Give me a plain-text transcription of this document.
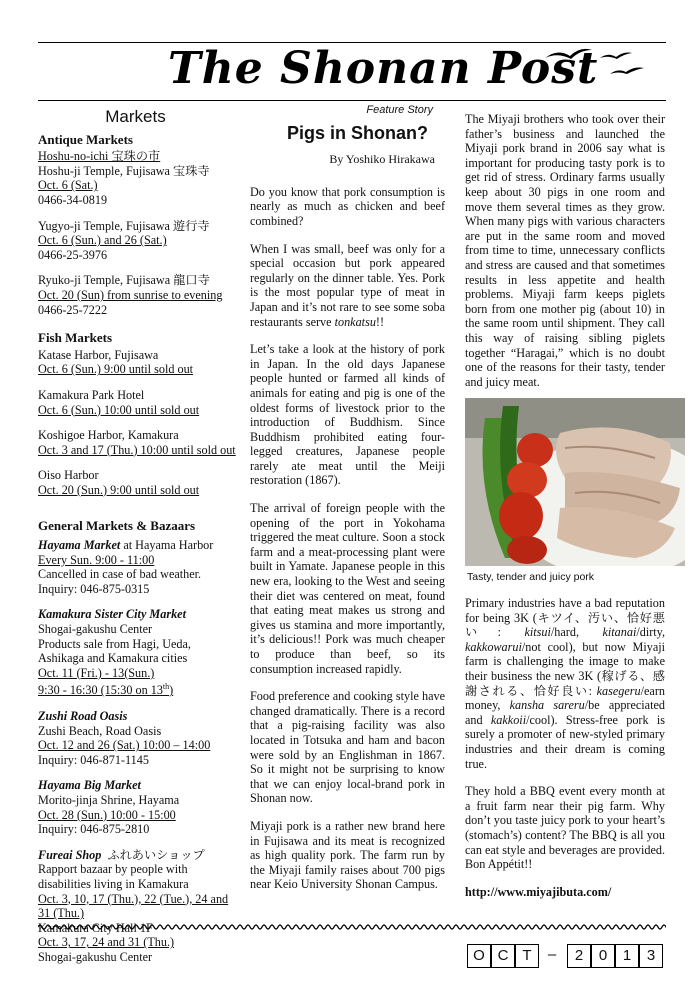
The Shonan Post
Markets
Antique Markets

Hoshu-no-ichi 宝珠の市

Hoshu-ji Temple, Fujisawa 宝珠寺

Oct. 6 (Sat.)

0466-34-0819

Yugyo-ji Temple, Fujisawa 遊行寺

Oct. 6 (Sun.) and 26 (Sat.)

0466-25-3976

Ryuko-ji Temple, Fujisawa 龍口寺

Oct. 20 (Sun) from sunrise to evening

0466-25-7222

Fish Markets

Katase Harbor, Fujisawa

Oct. 6 (Sun.) 9:00 until sold out

Kamakura Park Hotel

Oct. 6 (Sun.) 10:00 until sold out

Koshigoe Harbor, Kamakura

Oct. 3 and 17 (Thu.) 10:00 until sold out

Oiso Harbor

Oct. 20 (Sun.) 9:00 until sold out

General Markets & Bazaars

Hayama Market at Hayama Harbor

Every Sun. 9:00 - 11:00

Cancelled in case of bad weather.

Inquiry: 046-875-0315

Kamakura Sister City Market

Shogai-gakushu Center

Products sale from Hagi, Ueda, Ashikaga and Kamakura cities

Oct. 11 (Fri.) - 13(Sun.)

9:30 - 16:30 (15:30 on 13th)

Zushi Road Oasis

Zushi Beach, Road Oasis

Oct. 12 and 26 (Sat.) 10:00 – 14:00

Inquiry: 046-871-1145

Hayama Big Market

Morito-jinja Shrine, Hayama

Oct. 28 (Sun.) 10:00 - 15:00

Inquiry: 046-875-2810

Fureai Shop ふれあいショップ

Rapport bazaar by people with disabilities living in Kamakura

Oct. 3, 10, 17 (Thu.), 22 (Tue.), 24 and 31 (Thu.)

Kamakura City Hall 1F

Oct. 3, 17, 24 and 31 (Thu.)

Shogai-gakushu Center

Feature Story
Pigs in Shonan?
By Yoshiko Hirakawa

Do you know that pork consumption is nearly as much as chicken and beef combined?

When I was small, beef was only for a special occasion but pork appeared regularly on the dinner table. Yes. Pork is the most popular type of meat in Japan and it’s not rare to see some soba restaurants serve tonkatsu!!

Let’s take a look at the history of pork in Japan. In the old days Japanese people hunted or farmed all kinds of animals for eating and pig is one of the oldest forms of livestock prior to the introduction of Buddhism. Since Buddhism prohibited eating four-legged creatures, Japanese people rarely ate meat until the Meiji restoration (1867).

The arrival of foreign people with the opening of the port in Yokohama triggered the meat culture. Soon a stock farm and a meat-processing plant were built in Yamate. Japanese people in this new era, looking to the West and seeing their diet was centered on meat, found that eating meat makes us strong and gives us stamina and more importantly, it’s delicious!! Pork was much cheaper to produce than beef, so its consumption increased rapidly.

Food preference and cooking style have changed dramatically. There is a record that a pig-raising facility was also located in Totsuka and ham and bacon were sold by an Englishman in 1867. So it might not be surprising to know that we can enjoy local-brand pork in Shonan now.

Miyaji pork is a rather new brand here in Fujisawa and its meat is recognized as high quality pork. The farm run by the Miyaji family raises about 700 pigs near Keio University Shonan Campus.

The Miyaji brothers who took over their father’s business and launched the Miyaji pork brand in 2006 say what is important for producing tasty pork is to get rid of stress. Ordinary farms usually keep about 30 pigs in one room and move them several times as they grow. When many pigs with various characters are put in the same room and moved from time to time, unnecessary conflicts and stress are caused and that sometimes results in less appetite and health problems. Miyaji farm keeps piglets born from one mother pig (about 10) in the same room until shipment. They call this way of raising sibling piglets together “Haragai,” which is no doubt one of the reasons for their tasty, tender and juicy meat.

Tasty, tender and juicy pork

Primary industries have a bad reputation for being 3K (キツイ、汚い、恰好悪い: kitsui/hard, kitanai/dirty, kakkowarui/not cool), but now Miyaji farm is challenging the image to make their business the new 3K (稼げる、感謝される、恰好良い: kasegeru/earn money, kansha sareru/be appreciated and kakkoii/cool). Stress-free pork is surely a promoter of new-styled primary industries and their dream is coming true.

They hold a BBQ event every month at a fruit farm near their pig farm. Why don’t you taste juicy pork to your heart’s (stomach’s) content? The BBQ is all you can eat style and beverages are provided. Bon Appétit!!

http://www.miyajibuta.com/

O C T	–	2	0	1	3
